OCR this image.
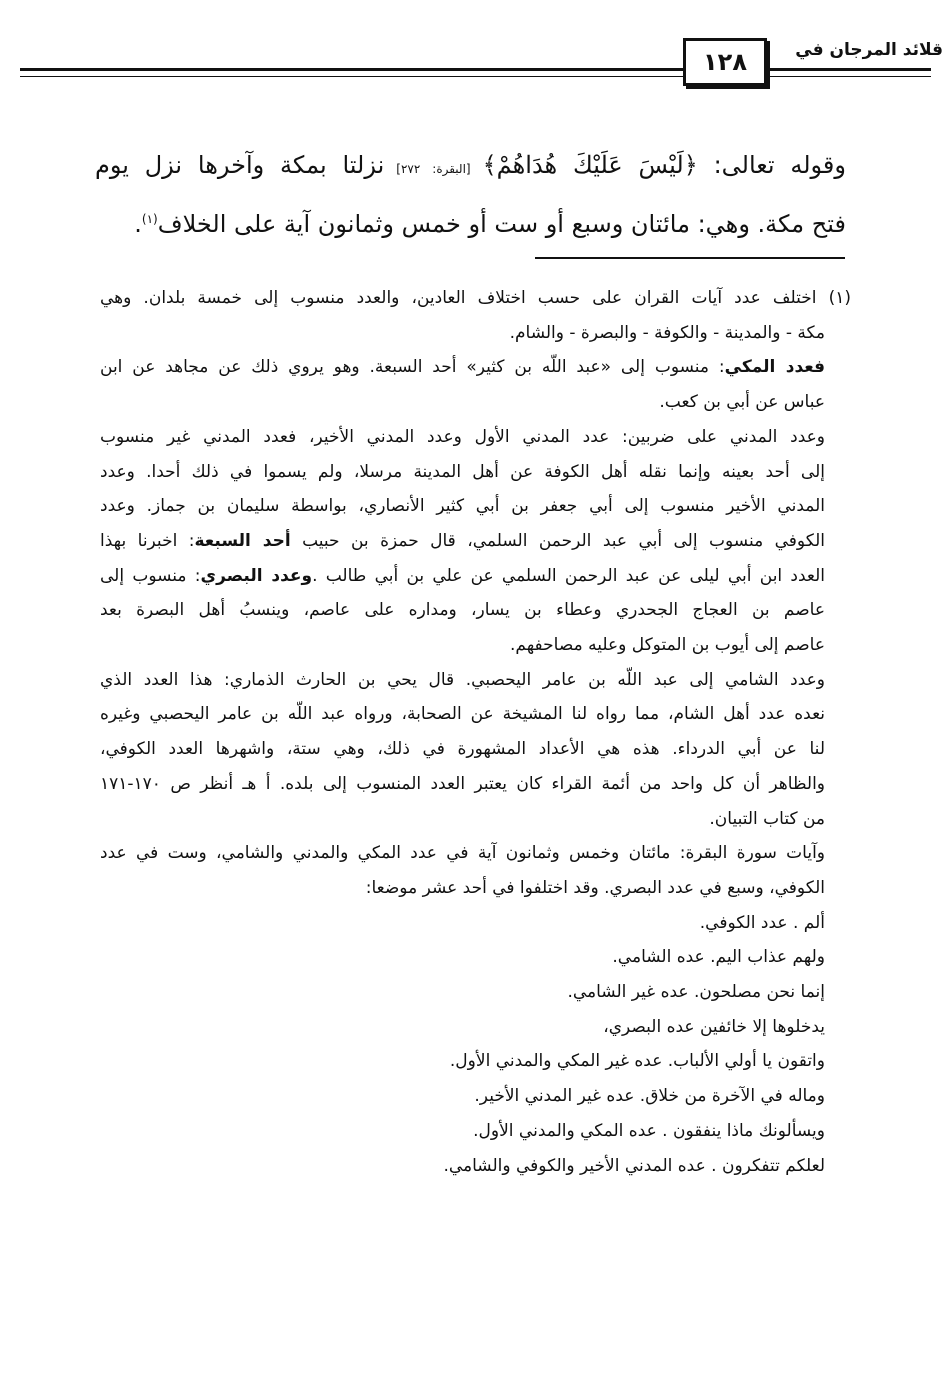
قلائد المرجان في
١٢٨
وقوله تعالى: ﴿لَيْسَ عَلَيْكَ هُدَاهُمْ﴾ [البقرة: ٢٧٢] نزلتا بمكة وآخرها نزل يوم
فتح مكة. وهي: مائتان وسبع أو ست أو خمس وثمانون آية على الخلاف$^{(١)}$.
(١) اختلف عدد آيات القران على حسب اختلاف العادين، والعدد منسوب إلى خمسة بلدان. وهي
مكة - والمدينة - والكوفة - والبصرة - والشام.
فعدد المكي: منسوب إلى «عبد اللّه بن كثير» أحد السبعة. وهو يروي ذلك عن مجاهد عن ابن
عباس عن أبي بن كعب.
وعدد المدني على ضربين: عدد المدني الأول وعدد المدني الأخير، فعدد المدني غير منسوب
إلى أحد بعينه وإنما نقله أهل الكوفة عن أهل المدينة مرسلا، ولم يسموا في ذلك أحدا. وعدد
المدني الأخير منسوب إلى أبي جعفر بن أبي كثير الأنصاري، بواسطة سليمان بن جماز. وعدد
الكوفي منسوب إلى أبي عبد الرحمن السلمي، قال حمزة بن حبيب أحد السبعة: اخبرنا بهذا
العدد ابن أبي ليلى عن عبد الرحمن السلمي عن علي بن أبي طالب .وعدد البصري: منسوب إلى
عاصم بن العجاج الجحدري وعطاء بن يسار، ومداره على عاصم، وينسبُ أهل البصرة بعد
عاصم إلى أيوب بن المتوكل وعليه مصاحفهم.
وعدد الشامي إلى عبد اللّه بن عامر اليحصبي. قال يحي بن الحارث الذماري: هذا العدد الذي
نعده عدد أهل الشام، مما رواه لنا المشيخة عن الصحابة، ورواه عبد اللّه بن عامر اليحصبي وغيره
لنا عن أبي الدرداء. هذه هي الأعداد المشهورة في ذلك، وهي ستة، واشهرها العدد الكوفي،
والظاهر أن كل واحد من أئمة القراء كان يعتبر العدد المنسوب إلى بلده. أ هـ أنظر ص ١٧٠-١٧١
من كتاب التبيان.
وآيات سورة البقرة: مائتان وخمس وثمانون آية في عدد المكي والمدني والشامي، وست في عدد
الكوفي، وسبع في عدد البصري. وقد اختلفوا في أحد عشر موضعا:
ألم . عدد الكوفي.
ولهم عذاب اليم. عده الشامي.
إنما نحن مصلحون. عده غير الشامي.
يدخلوها إلا خائفين عده البصري،
واتقون يا أولي الألباب. عده غير المكي والمدني الأول.
وماله في الآخرة من خلاق. عده غير المدني الأخير.
ويسألونك ماذا ينفقون . عده المكي والمدني الأول.
لعلكم تتفكرون . عده المدني الأخير والكوفي والشامي.
